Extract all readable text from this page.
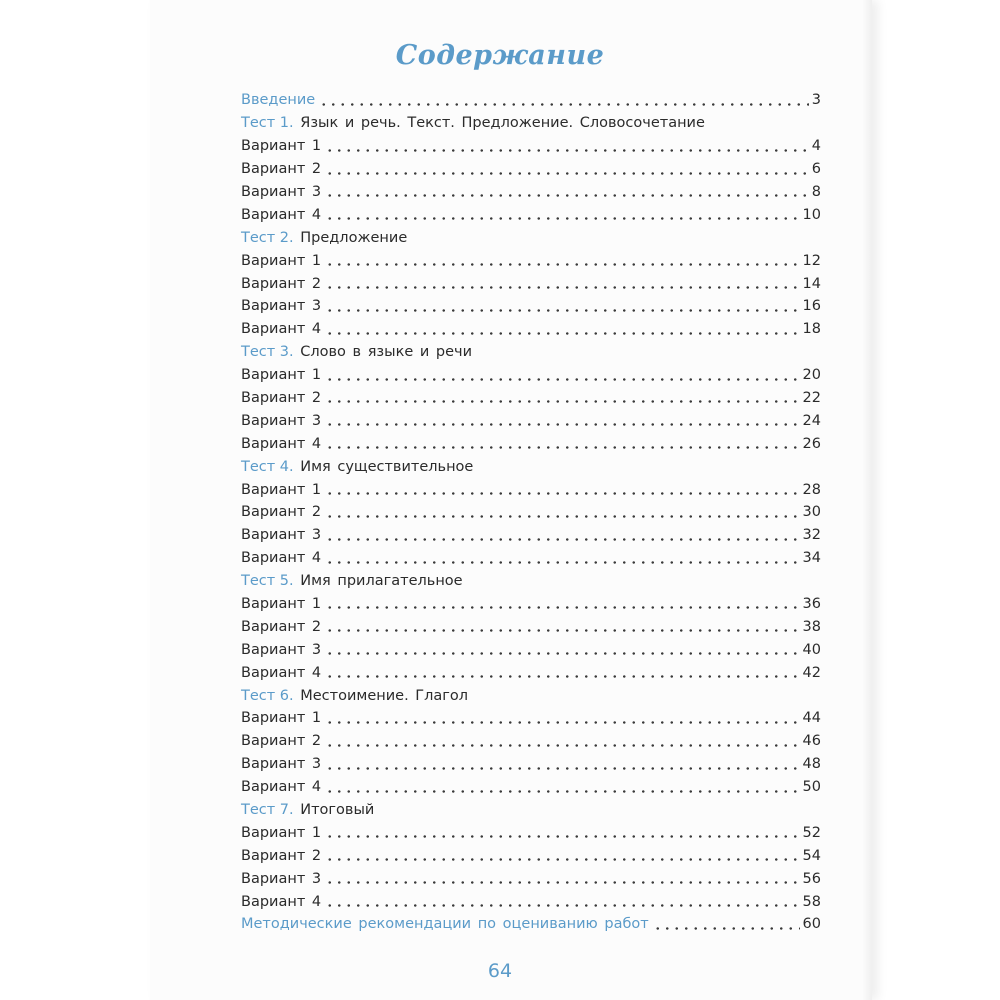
Содержание
Введение	3
Тест 1. Язык и речь. Текст. Предложение. Словосочетание
Вариант 1	4
Вариант 2	6
Вариант 3	8
Вариант 4	10
Тест 2. Предложение
Вариант 1	12
Вариант 2	14
Вариант 3	16
Вариант 4	18
Тест 3. Слово в языке и речи
Вариант 1	20
Вариант 2	22
Вариант 3	24
Вариант 4	26
Тест 4. Имя существительное
Вариант 1	28
Вариант 2	30
Вариант 3	32
Вариант 4	34
Тест 5. Имя прилагательное
Вариант 1	36
Вариант 2	38
Вариант 3	40
Вариант 4	42
Тест 6. Местоимение. Глагол
Вариант 1	44
Вариант 2	46
Вариант 3	48
Вариант 4	50
Тест 7. Итоговый
Вариант 1	52
Вариант 2	54
Вариант 3	56
Вариант 4	58
Методические рекомендации по оцениванию работ	60
64
